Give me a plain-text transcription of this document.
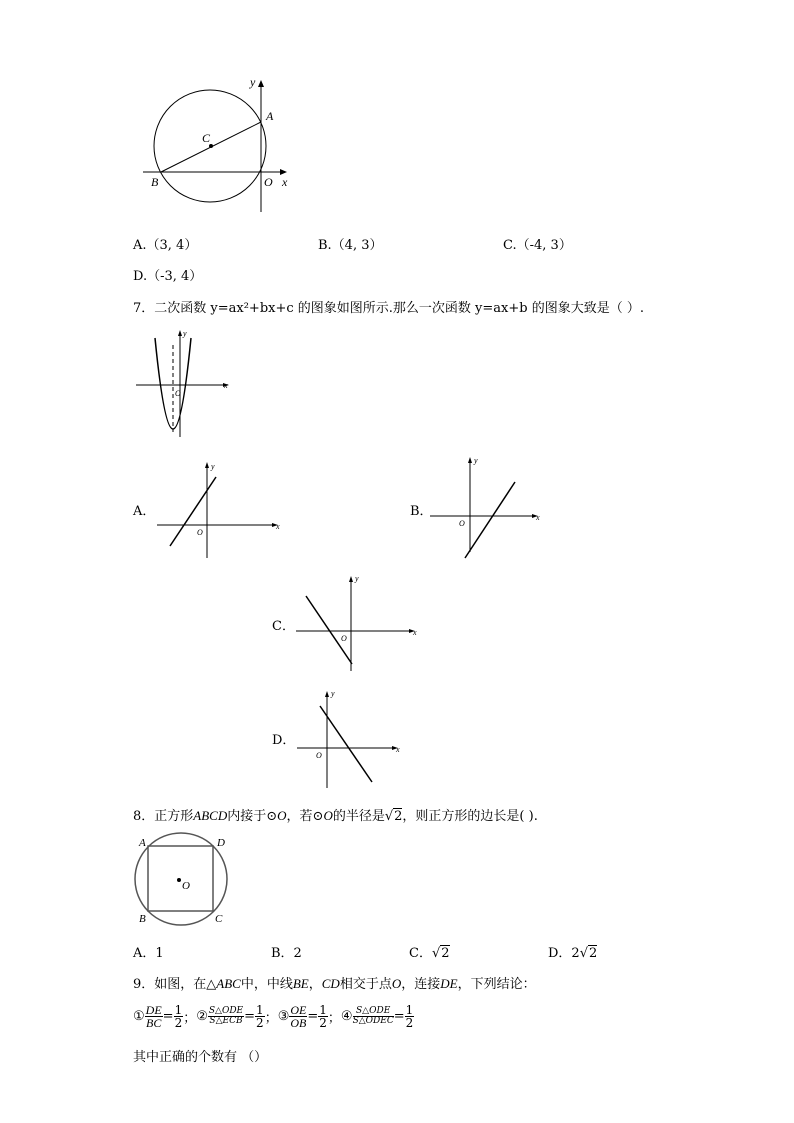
y
A
C
B	O x
A.（3, 4）	B.（4, 3）	C.（-4, 3）
D.（-3, 4）
7．二次函数 y=ax²+bx+c 的图象如图所示.那么一次函数 y=ax+b 的图象大致是（ ）.
y
x
O
A．
y
x
O
B．
y
x
O
C．
y
x
O
D．
y
x
O
8．正方形ABCD内接于⊙O，若⊙O的半径是√2，则正方形的边长是( ).
A	D
O
B	C
A．1	B．2	C．√2	D．2√2
9．如图，在△ABC中，中线BE，CD相交于点O，连接DE，下列结论：
① $\frac{DE}{BC} = \frac{1}{2}$ ； ② $\frac{\text{S△ODE}}{\text{S△ECB}} = \frac{1}{2}$ ； ③ $\frac{OE}{OB} = \frac{1}{2}$ ； ④ $\frac{\text{S△ODE}}{\text{S△ODEC}} = \frac{1}{2}$
其中正确的个数有 （）
